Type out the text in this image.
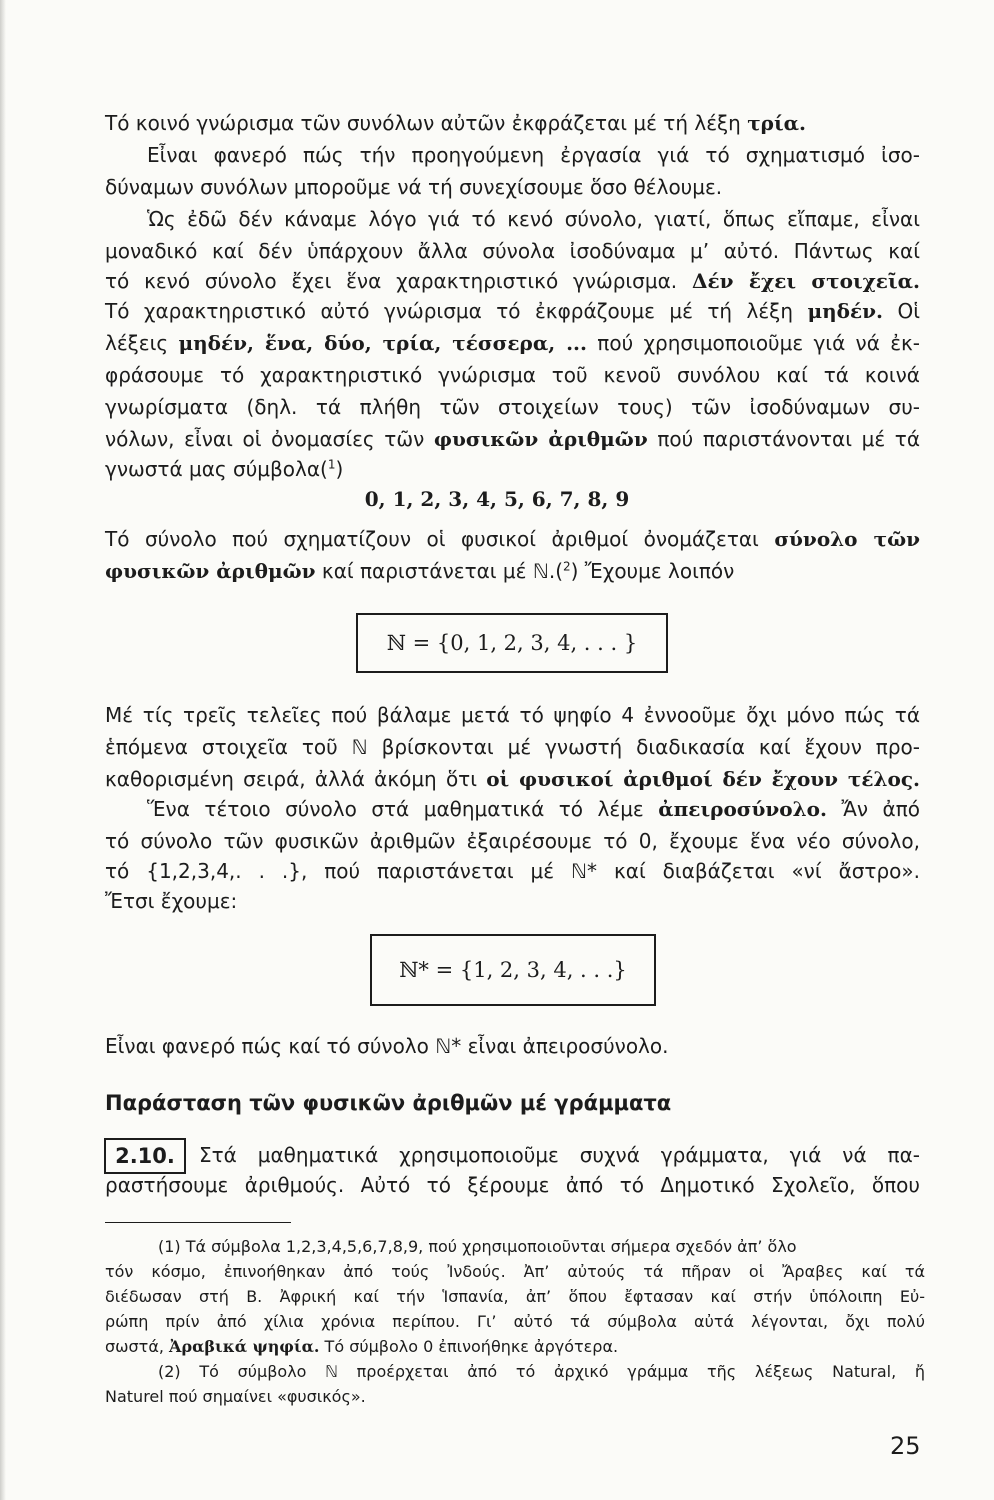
Τό κοινό γνώρισμα τῶν συνόλων αὐτῶν ἐκφράζεται μέ τή λέξη τρία.
Εἶναι φανερό πώς τήν προηγούμενη ἐργασία γιά τό σχηματισμό ἰσο-
δύναμων συνόλων μποροῦμε νά τή συνεχίσουμε ὅσο θέλουμε.
Ὡς ἐδῶ δέν κάναμε λόγο γιά τό κενό σύνολο, γιατί, ὅπως εἴπαμε, εἶναι
μοναδικό καί δέν ὑπάρχουν ἄλλα σύνολα ἰσοδύναμα μ’ αὐτό. Πάντως καί
τό κενό σύνολο ἔχει ἕνα χαρακτηριστικό γνώρισμα. Δέν ἔχει στοιχεῖα.
Τό χαρακτηριστικό αὐτό γνώρισμα τό ἐκφράζουμε μέ τή λέξη μηδέν. Οἱ
λέξεις μηδέν, ἕνα, δύο, τρία, τέσσερα, ... πού χρησιμοποιοῦμε γιά νά ἐκ-
φράσουμε τό χαρακτηριστικό γνώρισμα τοῦ κενοῦ συνόλου καί τά κοινά
γνωρίσματα (δηλ. τά πλήθη τῶν στοιχείων τους) τῶν ἰσοδύναμων συ-
νόλων, εἶναι οἱ ὀνομασίες τῶν φυσικῶν ἀριθμῶν πού παριστάνονται μέ τά
γνωστά μας σύμβολα($^1$)
0, 1, 2, 3, 4, 5, 6, 7, 8, 9
Τό σύνολο πού σχηματίζουν οἱ φυσικοί ἀριθμοί ὀνομάζεται σύνολο τῶν
φυσικῶν ἀριθμῶν καί παριστάνεται μέ ℕ.($^2$) Ἔχουμε λοιπόν
ℕ = {0, 1, 2, 3, 4, . . . }
Μέ τίς τρεῖς τελεῖες πού βάλαμε μετά τό ψηφίο 4 ἐννοοῦμε ὄχι μόνο πώς τά
ἑπόμενα στοιχεῖα τοῦ ℕ βρίσκονται μέ γνωστή διαδικασία καί ἔχουν προ-
καθορισμένη σειρά, ἀλλά ἀκόμη ὅτι οἱ φυσικοί ἀριθμοί δέν ἔχουν τέλος.
Ἕνα τέτοιο σύνολο στά μαθηματικά τό λέμε ἀπειροσύνολο. Ἄν ἀπό
τό σύνολο τῶν φυσικῶν ἀριθμῶν ἐξαιρέσουμε τό 0, ἔχουμε ἕνα νέο σύνολο,
τό {1,2,3,4,. . .}, πού παριστάνεται μέ ℕ* καί διαβάζεται «νί ἄστρο».
Ἔτσι ἔχουμε:
ℕ* = {1, 2, 3, 4, . . .}
Εἶναι φανερό πώς καί τό σύνολο ℕ* εἶναι ἀπειροσύνολο.
Παράσταση τῶν φυσικῶν ἀριθμῶν μέ γράμματα
2.10.	Στά μαθηματικά χρησιμοποιοῦμε συχνά γράμματα, γιά νά πα-
ραστήσουμε ἀριθμούς. Αὐτό τό ξέρουμε ἀπό τό Δημοτικό Σχολεῖο, ὅπου
(1) Τά σύμβολα 1,2,3,4,5,6,7,8,9, πού χρησιμοποιοῦνται σήμερα σχεδόν ἀπ’ ὅλο
τόν κόσμο, ἐπινοήθηκαν ἀπό τούς Ἰνδούς. Ἀπ’ αὐτούς τά πῆραν οἱ Ἄραβες καί τά
διέδωσαν στή Β. Ἀφρική καί τήν Ἱσπανία, ἀπ’ ὅπου ἔφτασαν καί στήν ὑπόλοιπη Εὐ-
ρώπη πρίν ἀπό χίλια χρόνια περίπου. Γι’ αὐτό τά σύμβολα αὐτά λέγονται, ὄχι πολύ
σωστά, Ἀραβικά ψηφία. Τό σύμβολο 0 ἐπινοήθηκε ἀργότερα.
(2) Τό σύμβολο ℕ προέρχεται ἀπό τό ἀρχικό γράμμα τῆς λέξεως Natural, ἤ
Naturel πού σημαίνει «φυσικός».
25
